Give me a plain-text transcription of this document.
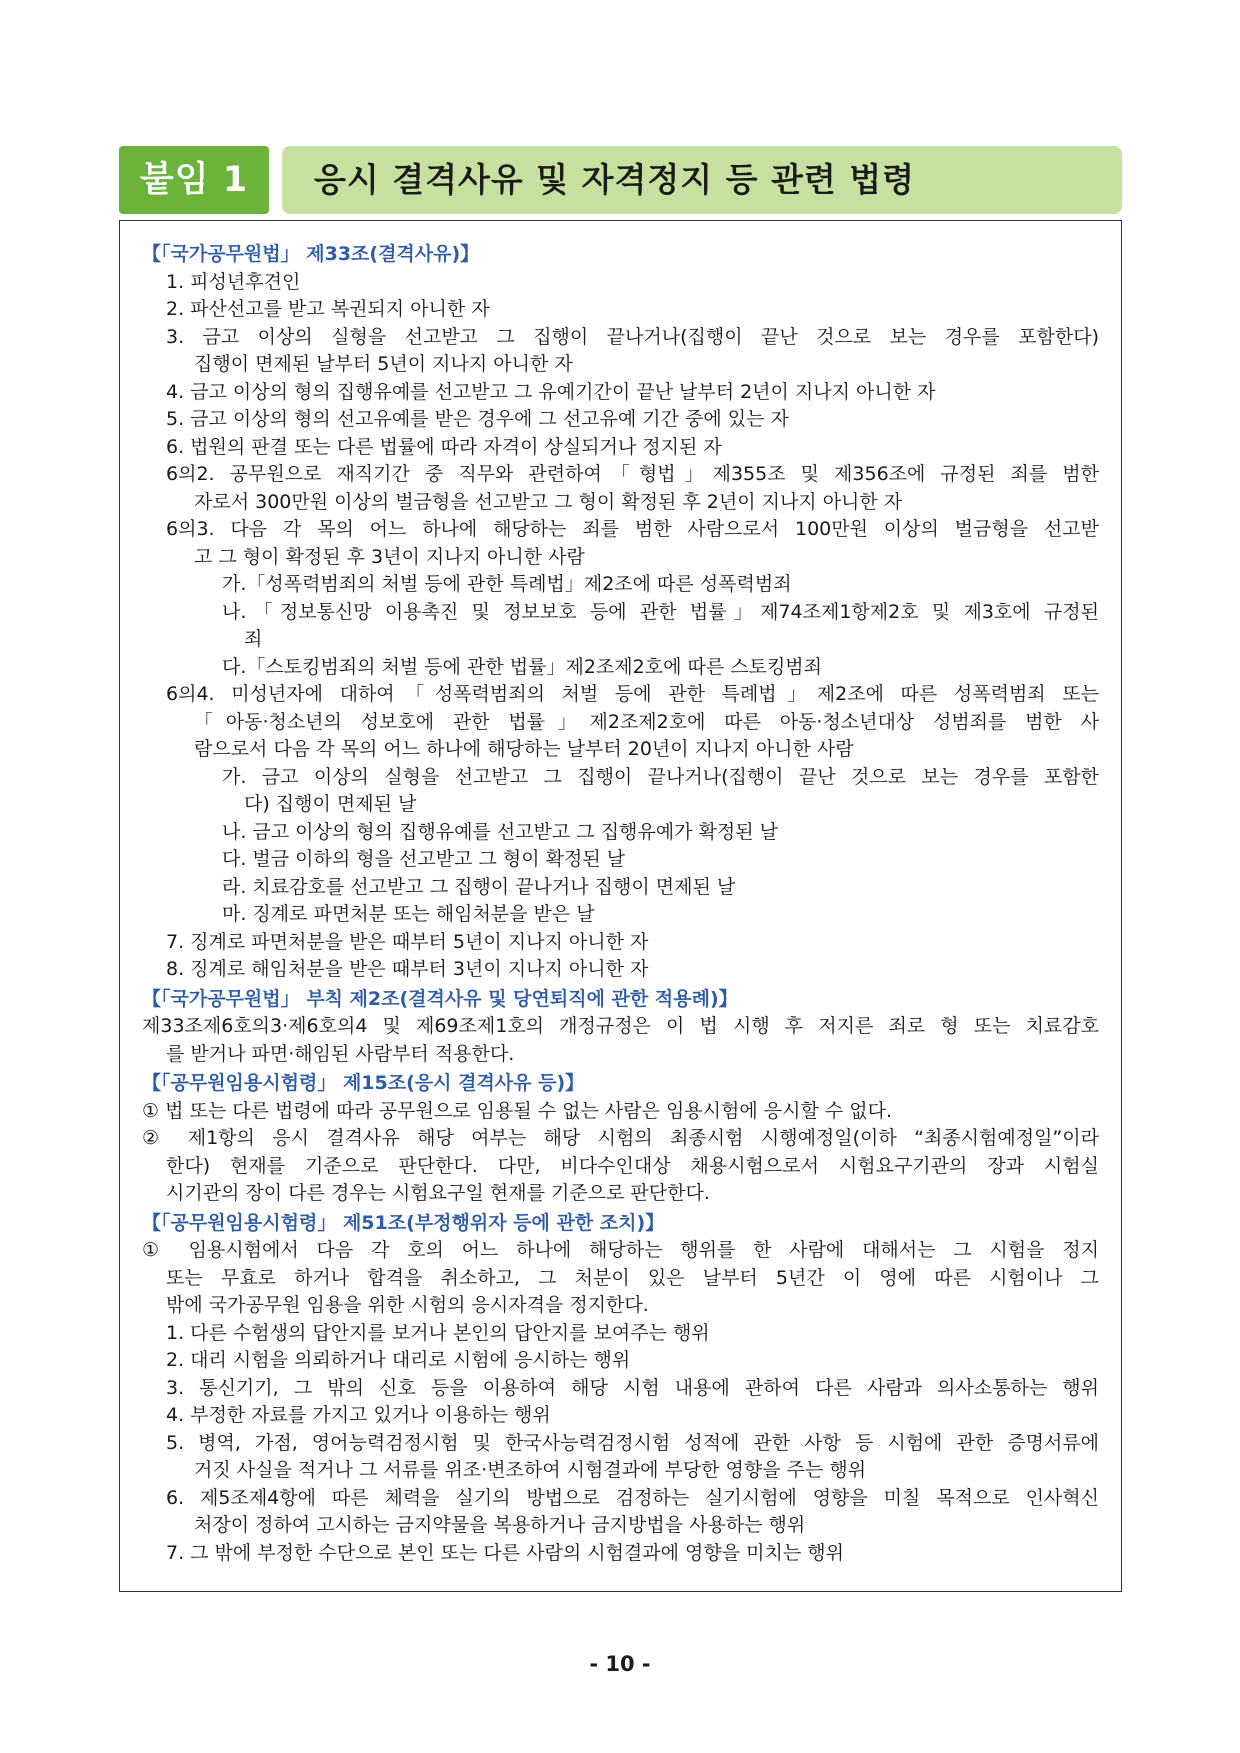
붙임 1	응시 결격사유 및 자격정지 등 관련 법령
【「국가공무원법」 제33조(결격사유)】
1. 피성년후견인
2. 파산선고를 받고 복권되지 아니한 자
3. 금고 이상의 실형을 선고받고 그 집행이 끝나거나(집행이 끝난 것으로 보는 경우를 포함한다)
집행이 면제된 날부터 5년이 지나지 아니한 자
4. 금고 이상의 형의 집행유예를 선고받고 그 유예기간이 끝난 날부터 2년이 지나지 아니한 자
5. 금고 이상의 형의 선고유예를 받은 경우에 그 선고유예 기간 중에 있는 자
6. 법원의 판결 또는 다른 법률에 따라 자격이 상실되거나 정지된 자
6의2. 공무원으로 재직기간 중 직무와 관련하여「형법」제355조 및 제356조에 규정된 죄를 범한
자로서 300만원 이상의 벌금형을 선고받고 그 형이 확정된 후 2년이 지나지 아니한 자
6의3. 다음 각 목의 어느 하나에 해당하는 죄를 범한 사람으로서 100만원 이상의 벌금형을 선고받
고 그 형이 확정된 후 3년이 지나지 아니한 사람
가.「성폭력범죄의 처벌 등에 관한 특례법」제2조에 따른 성폭력범죄
나.「정보통신망 이용촉진 및 정보보호 등에 관한 법률」제74조제1항제2호 및 제3호에 규정된
죄
다.「스토킹범죄의 처벌 등에 관한 법률」제2조제2호에 따른 스토킹범죄
6의4. 미성년자에 대하여「성폭력범죄의 처벌 등에 관한 특례법」제2조에 따른 성폭력범죄 또는
「아동·청소년의 성보호에 관한 법률」제2조제2호에 따른 아동·청소년대상 성범죄를 범한 사
람으로서 다음 각 목의 어느 하나에 해당하는 날부터 20년이 지나지 아니한 사람
가. 금고 이상의 실형을 선고받고 그 집행이 끝나거나(집행이 끝난 것으로 보는 경우를 포함한
다) 집행이 면제된 날
나. 금고 이상의 형의 집행유예를 선고받고 그 집행유예가 확정된 날
다. 벌금 이하의 형을 선고받고 그 형이 확정된 날
라. 치료감호를 선고받고 그 집행이 끝나거나 집행이 면제된 날
마. 징계로 파면처분 또는 해임처분을 받은 날
7. 징계로 파면처분을 받은 때부터 5년이 지나지 아니한 자
8. 징계로 해임처분을 받은 때부터 3년이 지나지 아니한 자
【「국가공무원법」 부칙 제2조(결격사유 및 당연퇴직에 관한 적용례)】
제33조제6호의3·제6호의4 및 제69조제1호의 개정규정은 이 법 시행 후 저지른 죄로 형 또는 치료감호
를 받거나 파면·해임된 사람부터 적용한다.
【「공무원임용시험령」 제15조(응시 결격사유 등)】
① 법 또는 다른 법령에 따라 공무원으로 임용될 수 없는 사람은 임용시험에 응시할 수 없다.
② 제1항의 응시 결격사유 해당 여부는 해당 시험의 최종시험 시행예정일(이하 “최종시험예정일”이라
한다) 현재를 기준으로 판단한다. 다만, 비다수인대상 채용시험으로서 시험요구기관의 장과 시험실
시기관의 장이 다른 경우는 시험요구일 현재를 기준으로 판단한다.
【「공무원임용시험령」 제51조(부정행위자 등에 관한 조치)】
① 임용시험에서 다음 각 호의 어느 하나에 해당하는 행위를 한 사람에 대해서는 그 시험을 정지
또는 무효로 하거나 합격을 취소하고, 그 처분이 있은 날부터 5년간 이 영에 따른 시험이나 그
밖에 국가공무원 임용을 위한 시험의 응시자격을 정지한다.
1. 다른 수험생의 답안지를 보거나 본인의 답안지를 보여주는 행위
2. 대리 시험을 의뢰하거나 대리로 시험에 응시하는 행위
3. 통신기기, 그 밖의 신호 등을 이용하여 해당 시험 내용에 관하여 다른 사람과 의사소통하는 행위
4. 부정한 자료를 가지고 있거나 이용하는 행위
5. 병역, 가점, 영어능력검정시험 및 한국사능력검정시험 성적에 관한 사항 등 시험에 관한 증명서류에
거짓 사실을 적거나 그 서류를 위조·변조하여 시험결과에 부당한 영향을 주는 행위
6. 제5조제4항에 따른 체력을 실기의 방법으로 검정하는 실기시험에 영향을 미칠 목적으로 인사혁신
처장이 정하여 고시하는 금지약물을 복용하거나 금지방법을 사용하는 행위
7. 그 밖에 부정한 수단으로 본인 또는 다른 사람의 시험결과에 영향을 미치는 행위
- 10 -
